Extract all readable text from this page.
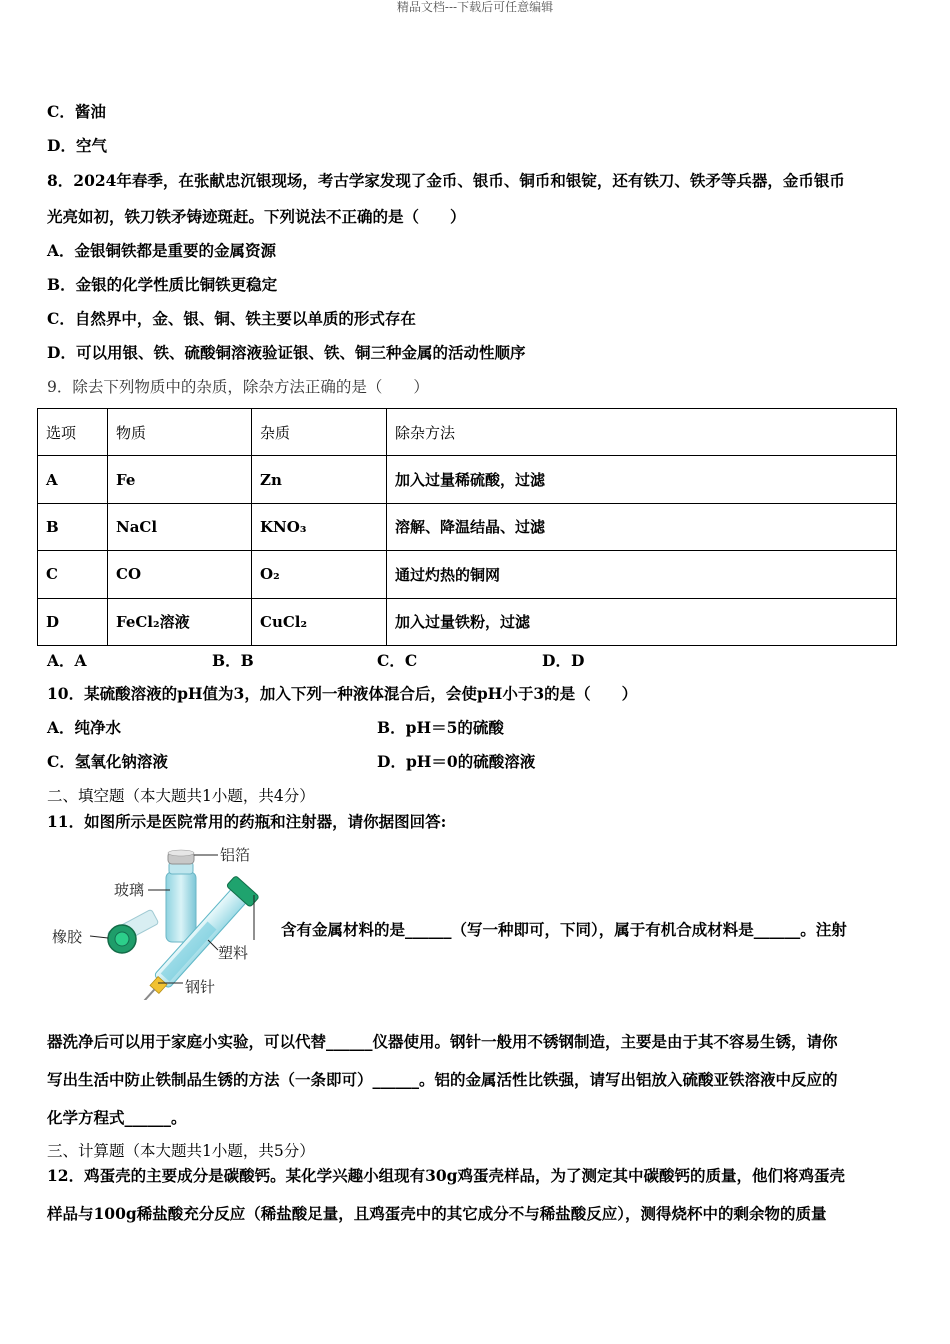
精品文档---下载后可任意编辑
C．酱油
D．空气
8．2024年春季，在张献忠沉银现场，考古学家发现了金币、银币、铜币和银锭，还有铁刀、铁矛等兵器，金币银币
光亮如初，铁刀铁矛铸迹斑赶。下列说法不正确的是（　　）
A．金银铜铁都是重要的金属资源
B．金银的化学性质比铜铁更稳定
C．自然界中，金、银、铜、铁主要以单质的形式存在
D．可以用银、铁、硫酸铜溶液验证银、铁、铜三种金属的活动性顺序
9．除去下列物质中的杂质，除杂方法正确的是（　　）
选项	物质	杂质	除杂方法
A	Fe	Zn	加入过量稀硫酸，过滤
B	NaCl	KNO₃	溶解、降温结晶、过滤
C	CO	O₂	通过灼热的铜网
D	FeCl₂溶液	CuCl₂	加入过量铁粉，过滤
A．A	B．B	C．C	D．D
10．某硫酸溶液的pH值为3，加入下列一种液体混合后，会使pH小于3的是（　　）
A．纯净水	B．pH＝5的硫酸
C．氢氧化钠溶液	D．pH＝0的硫酸溶液
二、填空题（本大题共1小题，共4分）
11．如图所示是医院常用的药瓶和注射器，请你据图回答:
铝箔
玻璃
橡胶
塑料
钢针
含有金属材料的是______（写一种即可，下同），属于有机合成材料是______。注射
器洗净后可以用于家庭小实验，可以代替______仪器使用。钢针一般用不锈钢制造，主要是由于其不容易生锈，请你
写出生活中防止铁制品生锈的方法（一条即可）______。铝的金属活性比铁强，请写出铝放入硫酸亚铁溶液中反应的
化学方程式______。
三、计算题（本大题共1小题，共5分）
12．鸡蛋壳的主要成分是碳酸钙。某化学兴趣小组现有30g鸡蛋壳样品，为了测定其中碳酸钙的质量，他们将鸡蛋壳
样品与100g稀盐酸充分反应（稀盐酸足量，且鸡蛋壳中的其它成分不与稀盐酸反应），测得烧杯中的剩余物的质量
